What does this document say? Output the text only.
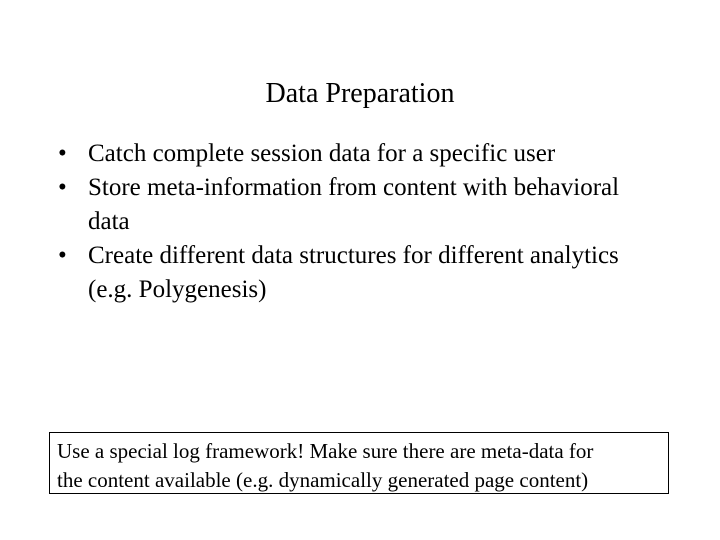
Data Preparation
• Catch complete session data for a specific user
• Store meta-information from content with behavioral data
• Create different data structures for different analytics (e.g. Polygenesis)
Use a special log framework! Make sure there are meta-data for
the content available (e.g. dynamically generated page content)
